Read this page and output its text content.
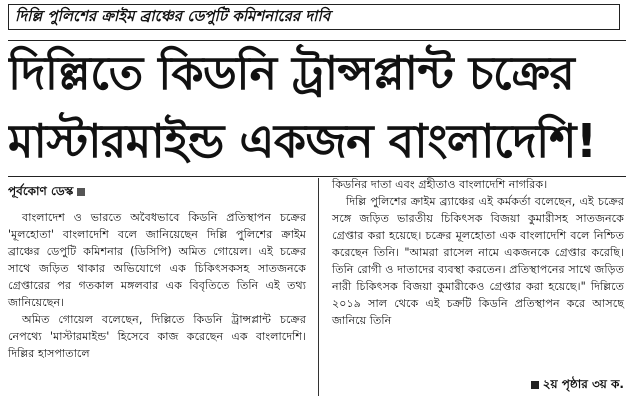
দিল্লি পুলিশের ক্রাইম ব্রাঞ্চের ডেপুটি কমিশনারের দাবি
দিল্লিতে কিডনি ট্রান্সপ্লান্ট চক্রের
মাস্টারমাইন্ড একজন বাংলাদেশি!
পূর্বকোণ ডেস্ক

বাংলাদেশ ও ভারতে অবৈধভাবে কিডনি প্রতিস্থাপন চক্রের 'মূলহোতা' বাংলাদেশি বলে জানিয়েছেন দিল্লি পুলিশের ক্রাইম ব্রাঞ্চের ডেপুটি কমিশনার (ডিসিপি) অমিত গোয়েল। এই চক্রের সাথে জড়িত থাকার অভিযোগে এক চিকিৎসকসহ সাতজনকে গ্রেপ্তারের পর গতকাল মঙ্গলবার এক বিবৃতিতে তিনি এই তথ্য জানিয়েছেন।

অমিত গোয়েল বলেছেন, দিল্লিতে কিডনি ট্রান্সপ্লান্ট চক্রের নেপথ্যে 'মাস্টারমাইন্ড' হিসেবে কাজ করেছেন এক বাংলাদেশি। দিল্লির হাসপাতালে

কিডনির দাতা এবং গ্রহীতাও বাংলাদেশি নাগরিক।

দিল্লি পুলিশের ক্রাইম ব্র্যাঞ্চের এই কর্মকর্তা বলেছেন, এই চক্রের সঙ্গে জড়িত ভারতীয় চিকিৎসক বিজয়া কুমারীসহ সাতজনকে গ্রেপ্তার করা হয়েছে। চক্রের মূলহোতা এক বাংলাদেশি বলে নিশ্চিত করেছেন তিনি। "আমরা রাসেল নামে একজনকে গ্রেপ্তার করেছি। তিনি রোগী ও দাতাদের ব্যবস্থা করতেন। প্রতিস্থাপনের সাথে জড়িত নারী চিকিৎসক বিজয়া কুমারীকেও গ্রেপ্তার করা হয়েছে।" দিল্লিতে ২০১৯ সাল থেকে এই চক্রটি কিডনি প্রতিস্থাপন করে আসছে জানিয়ে তিনি

২য় পৃষ্ঠার ৩য় ক.
